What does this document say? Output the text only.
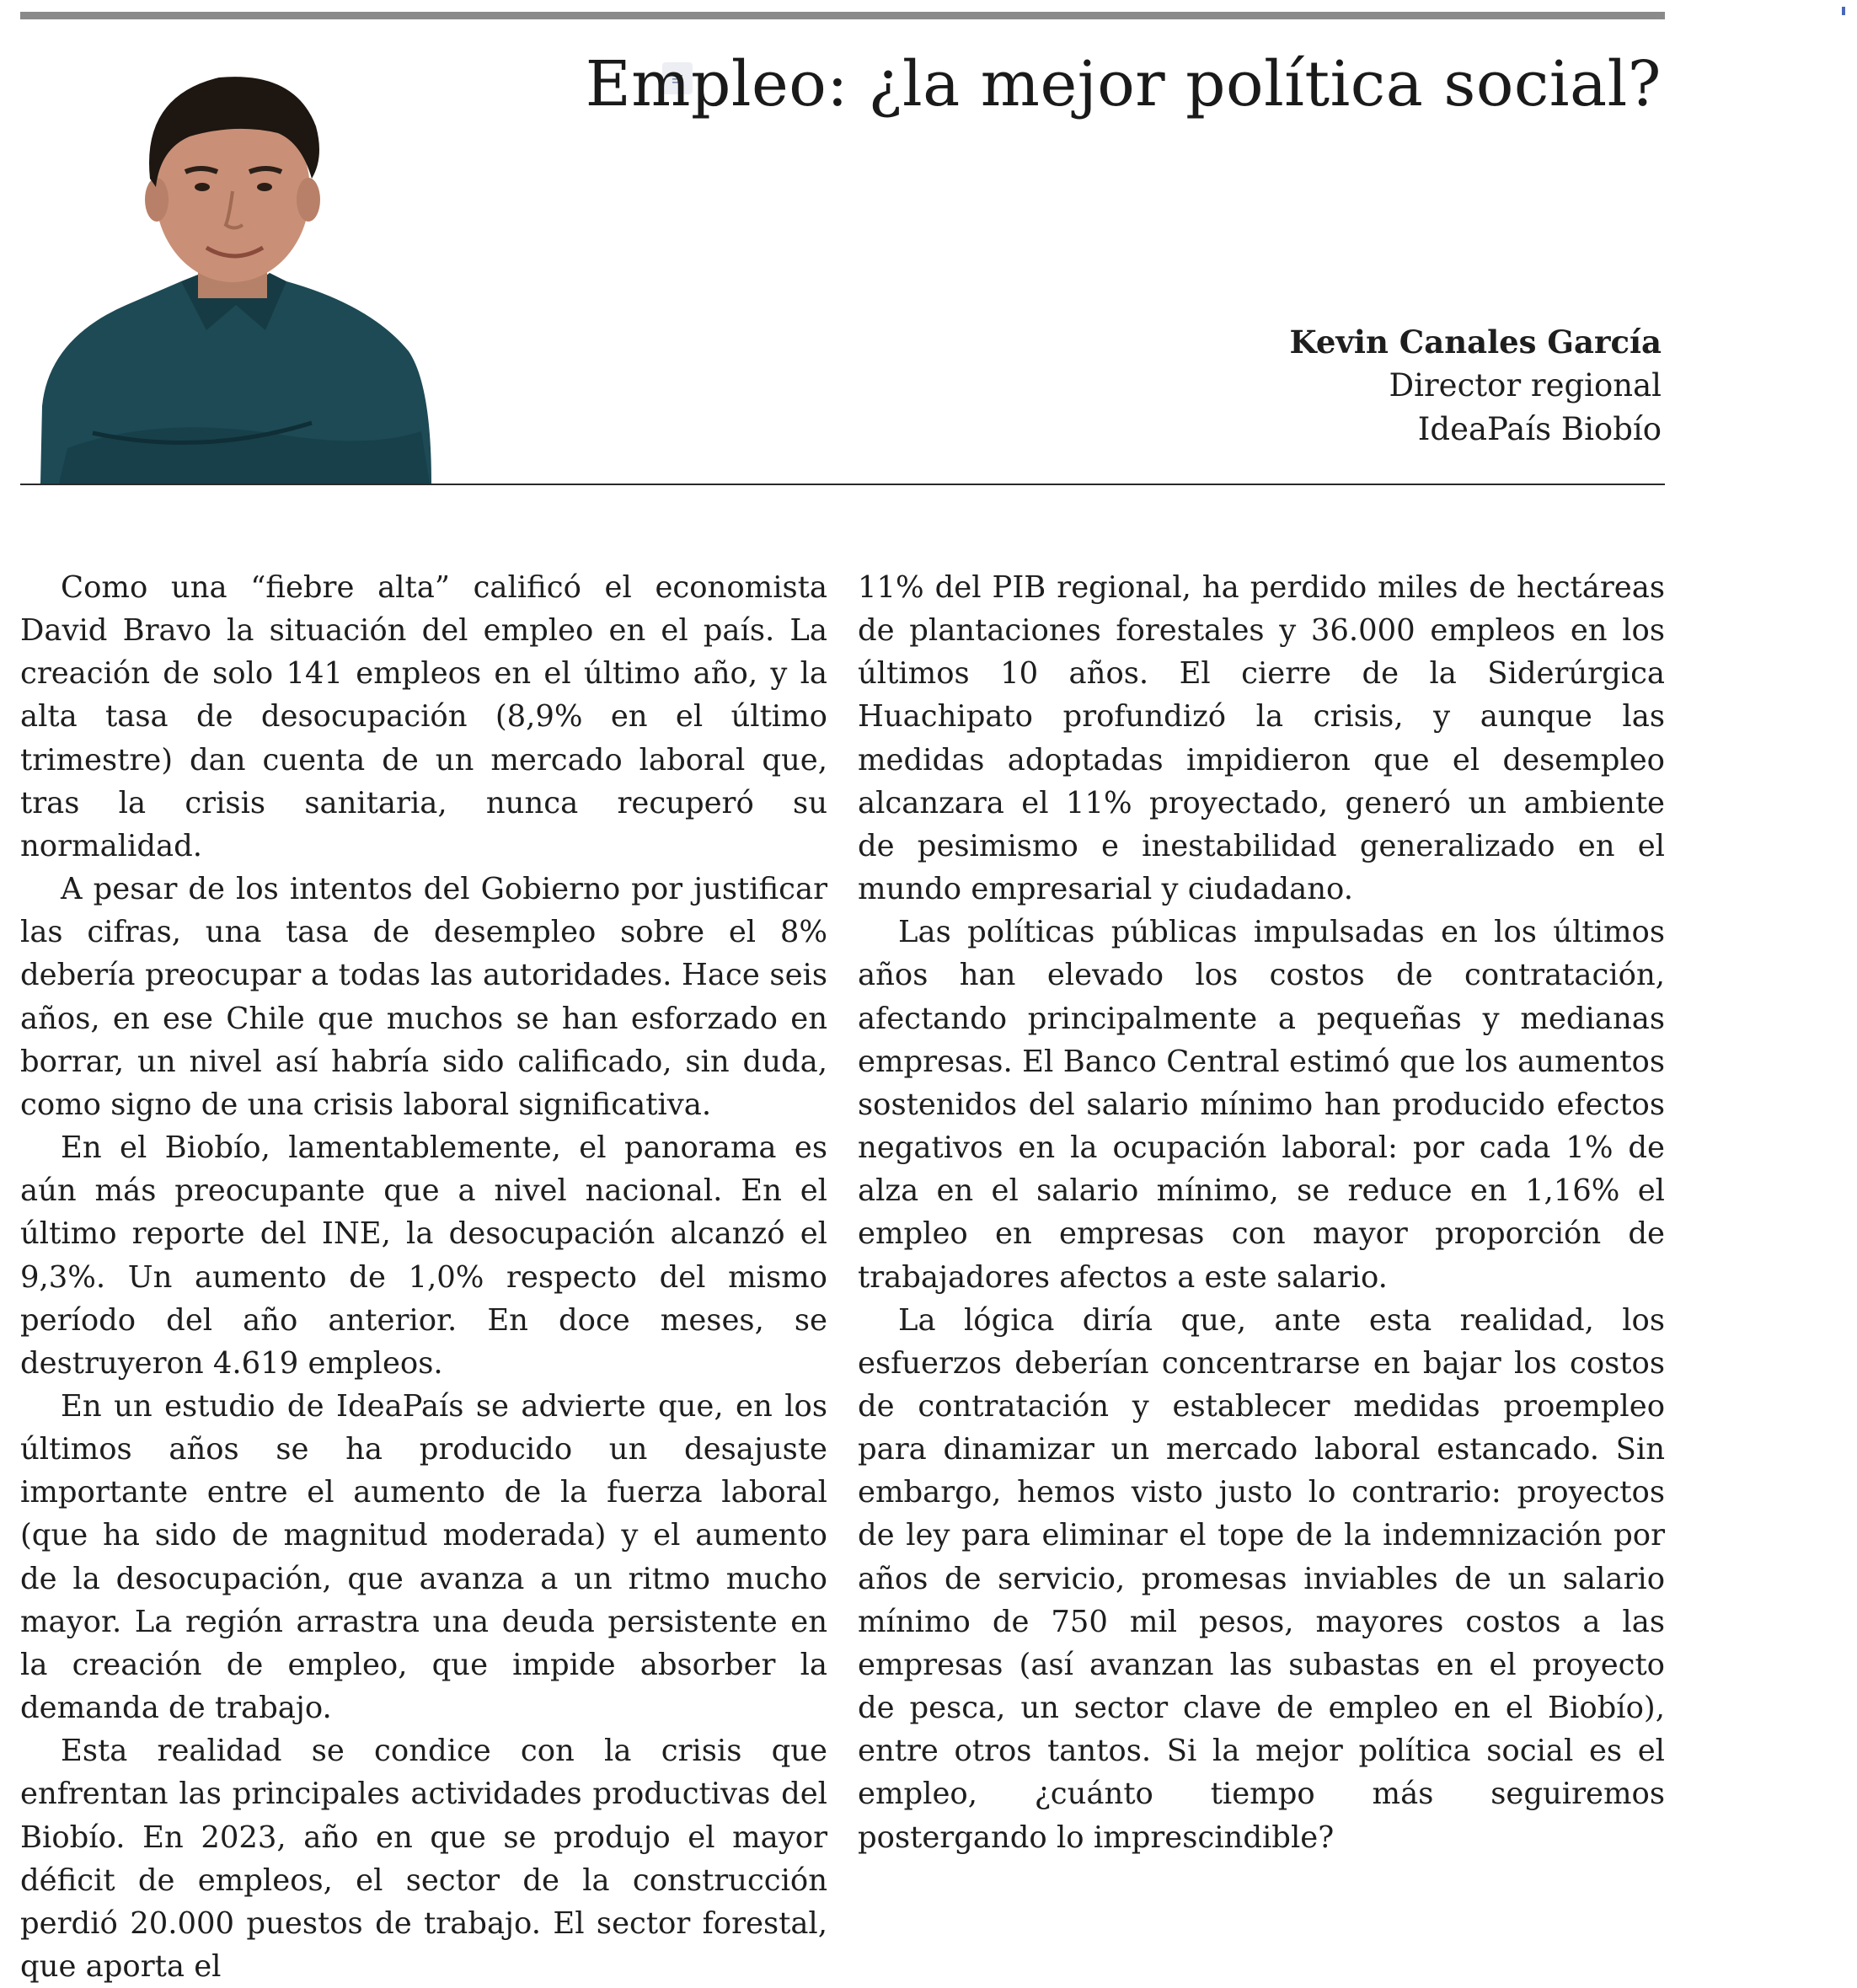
Empleo: ¿la mejor política social?
Kevin Canales García
Director regional
IdeaPaís Biobío

Como una “fiebre alta” calificó el economista David Bravo la situación del empleo en el país. La creación de solo 141 empleos en el último año, y la alta tasa de desocupación (8,9% en el último trimestre) dan cuenta de un mercado laboral que, tras la crisis sanitaria, nunca recuperó su normalidad.

A pesar de los intentos del Gobierno por justificar las cifras, una tasa de desempleo sobre el 8% debería preocupar a todas las autoridades. Hace seis años, en ese Chile que muchos se han esforzado en borrar, un nivel así habría sido calificado, sin duda, como signo de una crisis laboral significativa.

En el Biobío, lamentablemente, el panorama es aún más preocupante que a nivel nacional. En el último reporte del INE, la desocupación alcanzó el 9,3%. Un aumento de 1,0% respecto del mismo período del año anterior. En doce meses, se destruyeron 4.619 empleos.

En un estudio de IdeaPaís se advierte que, en los últimos años se ha producido un desajuste importante entre el aumento de la fuerza laboral (que ha sido de magnitud moderada) y el aumento de la desocupación, que avanza a un ritmo mucho mayor. La región arrastra una deuda persistente en la creación de empleo, que impide absorber la demanda de trabajo.

Esta realidad se condice con la crisis que enfrentan las principales actividades productivas del Biobío. En 2023, año en que se produjo el mayor déficit de empleos, el sector de la construcción perdió 20.000 puestos de trabajo. El sector forestal, que aporta el

11% del PIB regional, ha perdido miles de hectáreas de plantaciones forestales y 36.000 empleos en los últimos 10 años. El cierre de la Siderúrgica Huachipato profundizó la crisis, y aunque las medidas adoptadas impidieron que el desempleo alcanzara el 11% proyectado, generó un ambiente de pesimismo e inestabilidad generalizado en el mundo empresarial y ciudadano.

Las políticas públicas impulsadas en los últimos años han elevado los costos de contratación, afectando principalmente a pequeñas y medianas empresas. El Banco Central estimó que los aumentos sostenidos del salario mínimo han producido efectos negativos en la ocupación laboral: por cada 1% de alza en el salario mínimo, se reduce en 1,16% el empleo en empresas con mayor proporción de trabajadores afectos a este salario.

La lógica diría que, ante esta realidad, los esfuerzos deberían concentrarse en bajar los costos de contratación y establecer medidas proempleo para dinamizar un mercado laboral estancado. Sin embargo, hemos visto justo lo contrario: proyectos de ley para eliminar el tope de la indemnización por años de servicio, promesas inviables de un salario mínimo de 750 mil pesos, mayores costos a las empresas (así avanzan las subastas en el proyecto de pesca, un sector clave de empleo en el Biobío), entre otros tantos. Si la mejor política social es el empleo, ¿cuánto tiempo más seguiremos postergando lo imprescindible?
